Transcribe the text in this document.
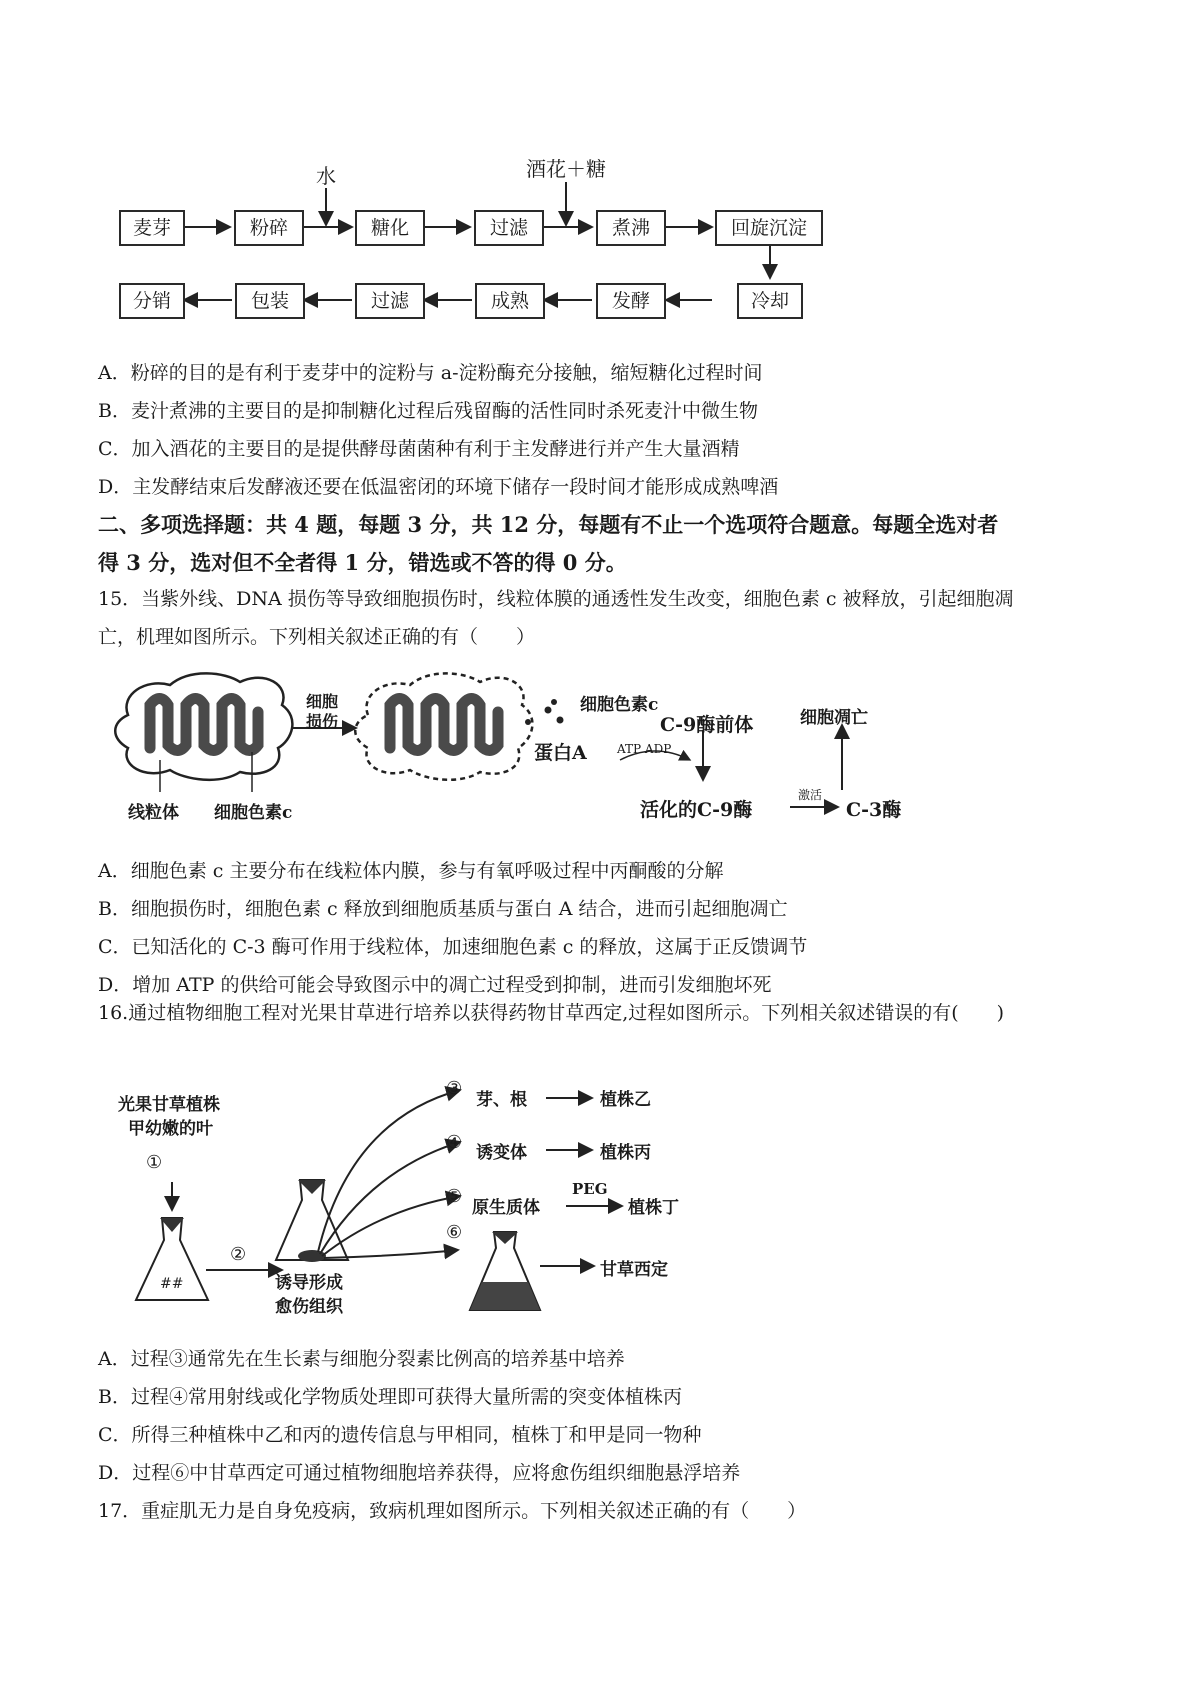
水	酒花＋糖
麦芽	粉碎	糖化	过滤	煮沸	回旋沉淀
冷却
发酵
成熟
过滤
包装
分销
A．粉碎的目的是有利于麦芽中的淀粉与 a-淀粉酶充分接触，缩短糖化过程时间
B．麦汁煮沸的主要目的是抑制糖化过程后残留酶的活性同时杀死麦汁中微生物
C．加入酒花的主要目的是提供酵母菌菌种有利于主发酵进行并产生大量酒精
D．主发酵结束后发酵液还要在低温密闭的环境下储存一段时间才能形成成熟啤酒
二、多项选择题：共 4 题，每题 3 分，共 12 分，每题有不止一个选项符合题意。每题全选对者
得 3 分，选对但不全者得 1 分，错选或不答的得 0 分。
15．当紫外线、DNA 损伤等导致细胞损伤时，线粒体膜的通透性发生改变，细胞色素 c 被释放，引起细胞凋
亡，机理如图所示。下列相关叙述正确的有（　　）
细胞
损伤
线粒体 细胞色素c
细胞色素c
蛋白A	ATP ADP
C-9酶前体
活化的C-9酶
激活
C-3酶
细胞凋亡
A．细胞色素 c 主要分布在线粒体内膜，参与有氧呼吸过程中丙酮酸的分解
B．细胞损伤时，细胞色素 c 释放到细胞质基质与蛋白 A 结合，进而引起细胞凋亡
C．已知活化的 C-3 酶可作用于线粒体，加速细胞色素 c 的释放，这属于正反馈调节
D．增加 ATP 的供给可能会导致图示中的凋亡过程受到抑制，进而引发细胞坏死
16.通过植物细胞工程对光果甘草进行培养以获得药物甘草西定,过程如图所示。下列相关叙述错误的有(　　)
##
光果甘草植株
甲幼嫩的叶
①
②
诱导形成
愈伤组织
③
芽、根	植株乙
④ 诱变体	植株丙
⑤
原生质体
PEG
植株丁
⑥
甘草西定
A．过程③通常先在生长素与细胞分裂素比例高的培养基中培养
B．过程④常用射线或化学物质处理即可获得大量所需的突变体植株丙
C．所得三种植株中乙和丙的遗传信息与甲相同，植株丁和甲是同一物种
D．过程⑥中甘草西定可通过植物细胞培养获得，应将愈伤组织细胞悬浮培养
17．重症肌无力是自身免疫病，致病机理如图所示。下列相关叙述正确的有（　　）
